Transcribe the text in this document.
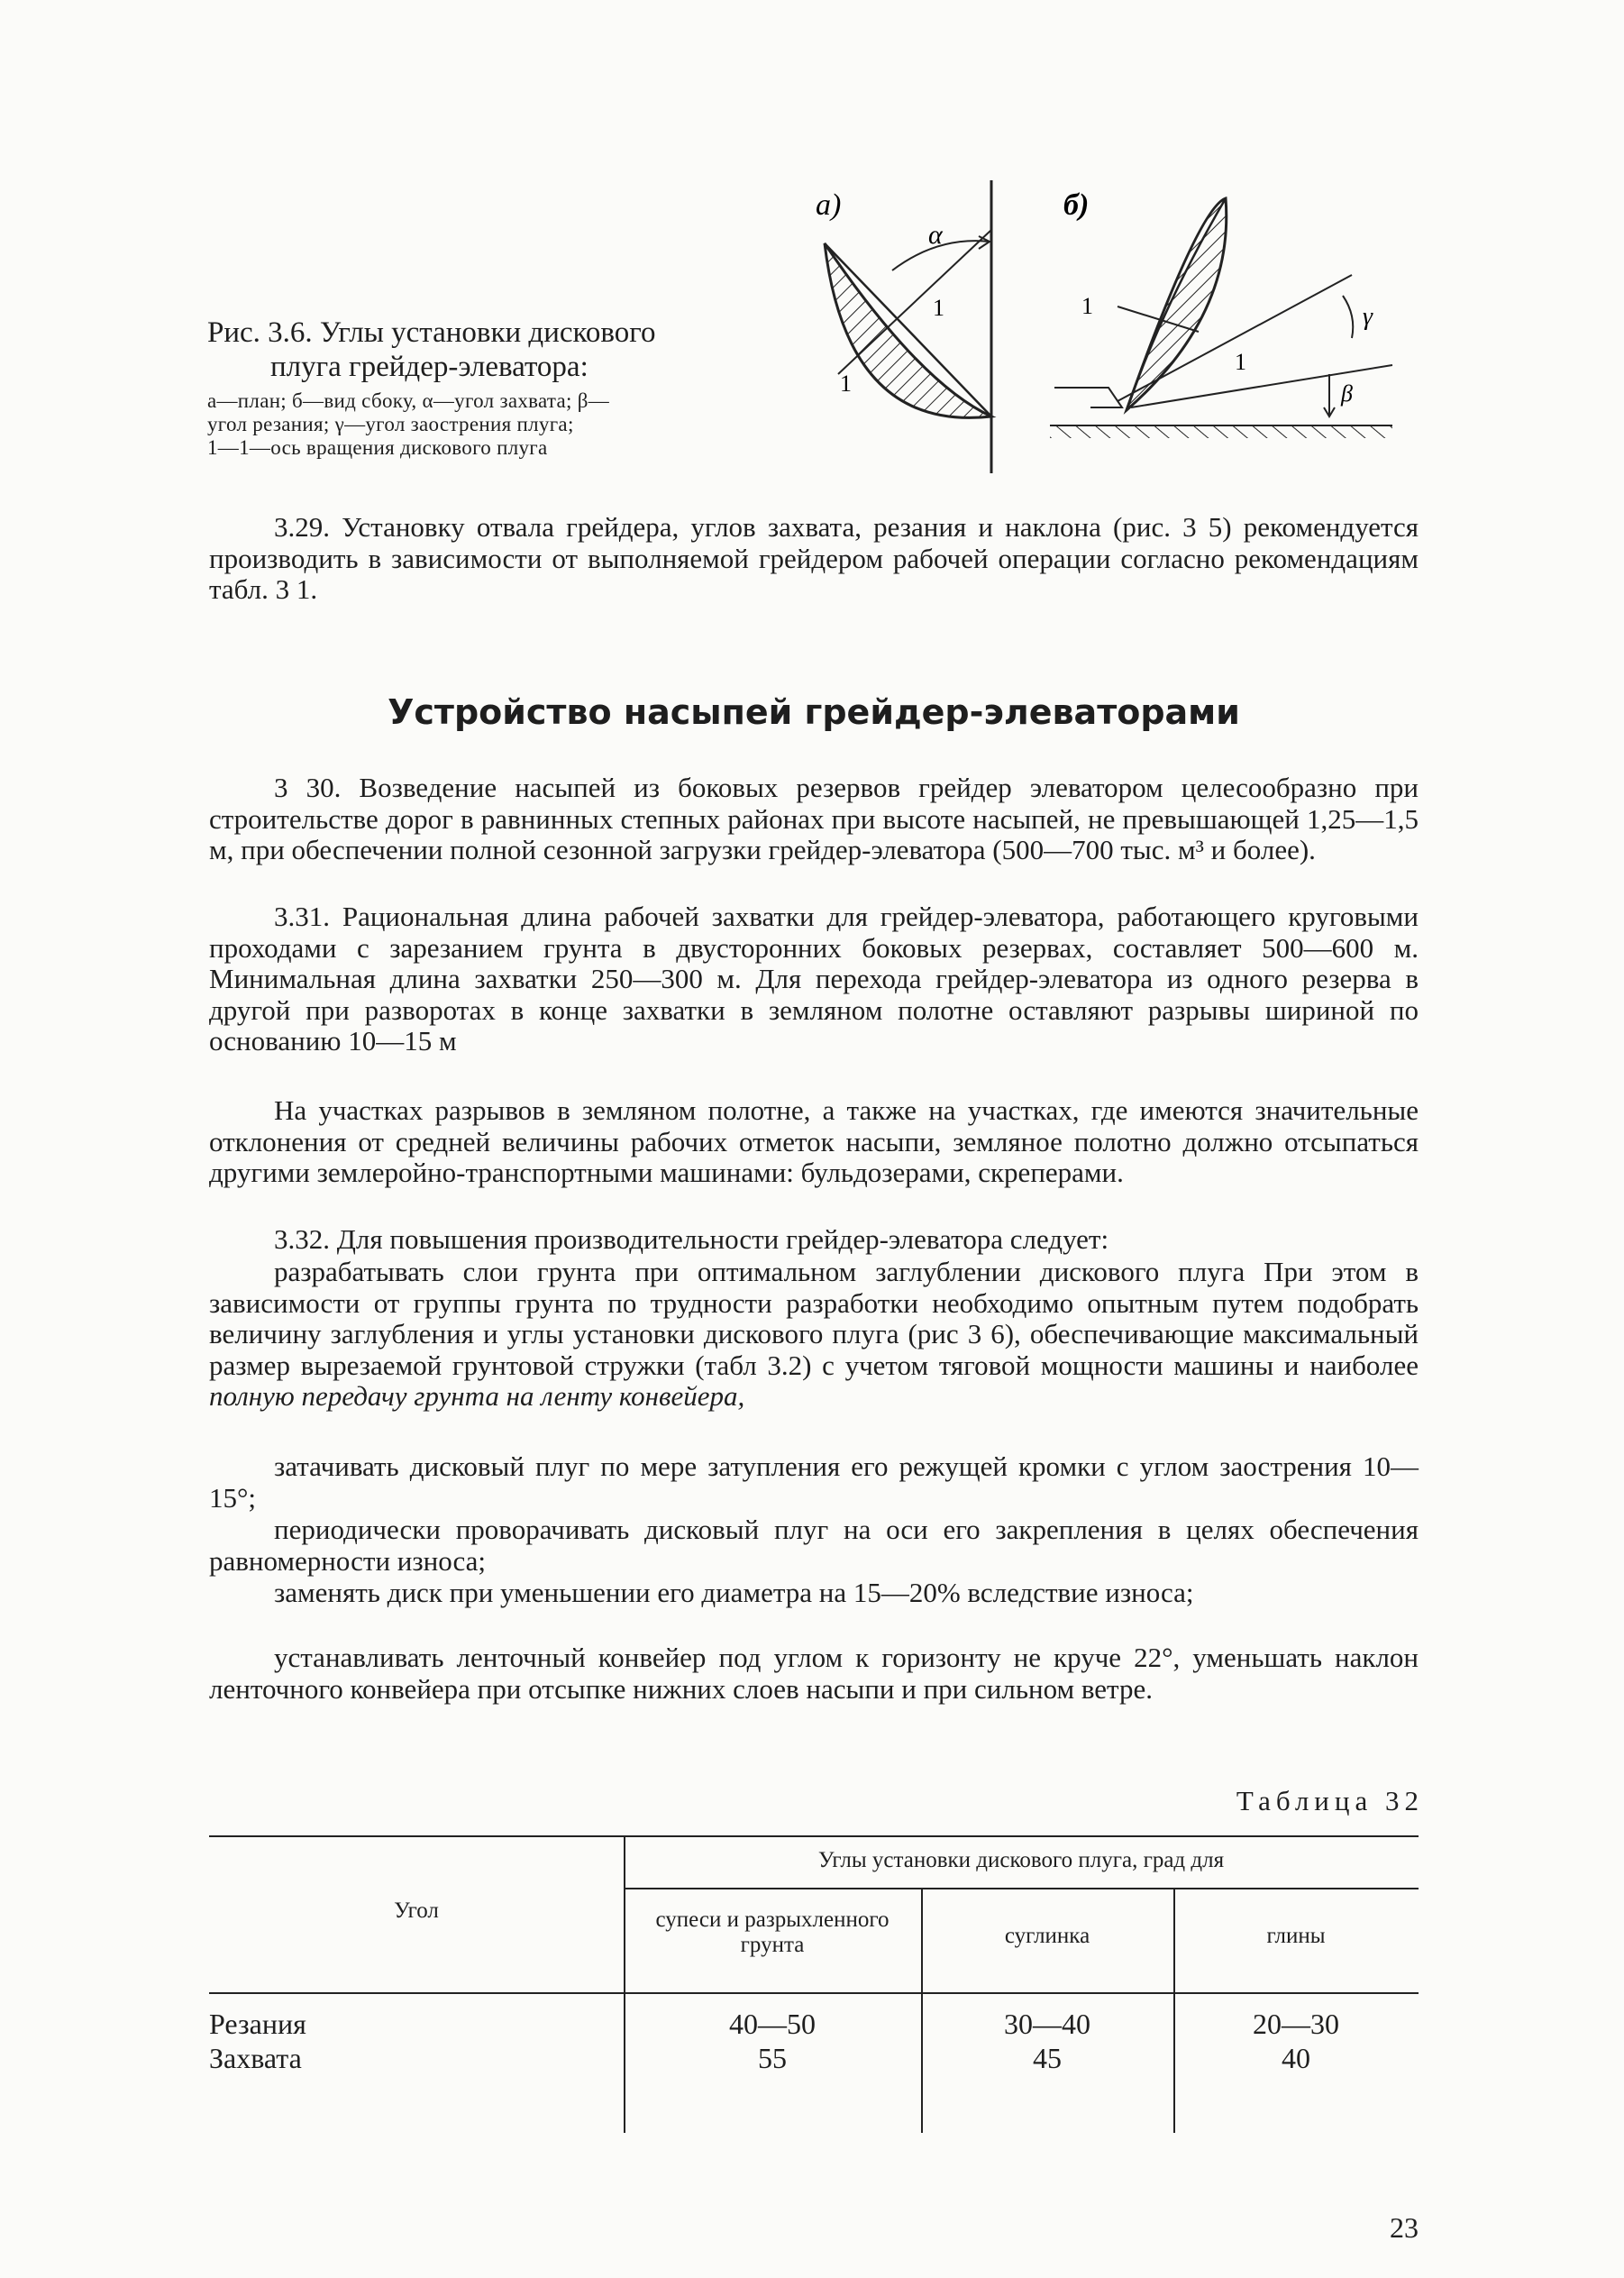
а)
α
1
1
б)
1
1
γ
β
Рис. 3.6. Углы установки дискового
плуга грейдер-элеватора:
а—план; б—вид сбоку, α—угол захвата; β—
угол резания; γ—угол заострения плуга;
1—1—ось вращения дискового плуга
3.29. Установку отвала грейдера, углов захвата, резания и наклона (рис. 3 5) рекомендуется производить в зависимости от выполняемой грейдером рабочей операции согласно рекомендациям табл. 3 1.
Устройство насыпей грейдер-элеваторами
3 30. Возведение насыпей из боковых резервов грейдер элеватором целесообразно при строительстве дорог в равнинных степных районах при высоте насыпей, не превышающей 1,25—1,5 м, при обеспечении полной сезонной загрузки грейдер-элеватора (500—700 тыс. м³ и более).
3.31. Рациональная длина рабочей захватки для грейдер-элеватора, работающего круговыми проходами с зарезанием грунта в двусторонних боковых резервах, составляет 500—600 м. Минимальная длина захватки 250—300 м. Для перехода грейдер-элеватора из одного резерва в другой при разворотах в конце захватки в земляном полотне оставляют разрывы шириной по основанию 10—15 м
На участках разрывов в земляном полотне, а также на участках, где имеются значительные отклонения от средней величины рабочих отметок насыпи, земляное полотно должно отсыпаться другими землеройно-транспортными машинами: бульдозерами, скреперами.
3.32. Для повышения производительности грейдер-элеватора следует:
разрабатывать слои грунта при оптимальном заглублении дискового плуга При этом в зависимости от группы грунта по трудности разработки необходимо опытным путем подобрать величину заглубления и углы установки дискового плуга (рис 3 6), обеспечивающие максимальный размер вырезаемой грунтовой стружки (табл 3.2) с учетом тяговой мощности машины и наиболее полную передачу грунта на ленту конвейера,
затачивать дисковый плуг по мере затупления его режущей кромки с углом заострения 10—15°;
периодически проворачивать дисковый плуг на оси его закрепления в целях обеспечения равномерности износа;
заменять диск при уменьшении его диаметра на 15—20% вследствие износа;
устанавливать ленточный конвейер под углом к горизонту не круче 22°, уменьшать наклон ленточного конвейера при отсыпке нижних слоев насыпи и при сильном ветре.
Таблица 32
Угол
Углы установки дискового плуга, град для
супеси и разрыхленного грунта	суглинка	глины
Резания	40—50	30—40	20—30
Захвата	55	45	40
23
